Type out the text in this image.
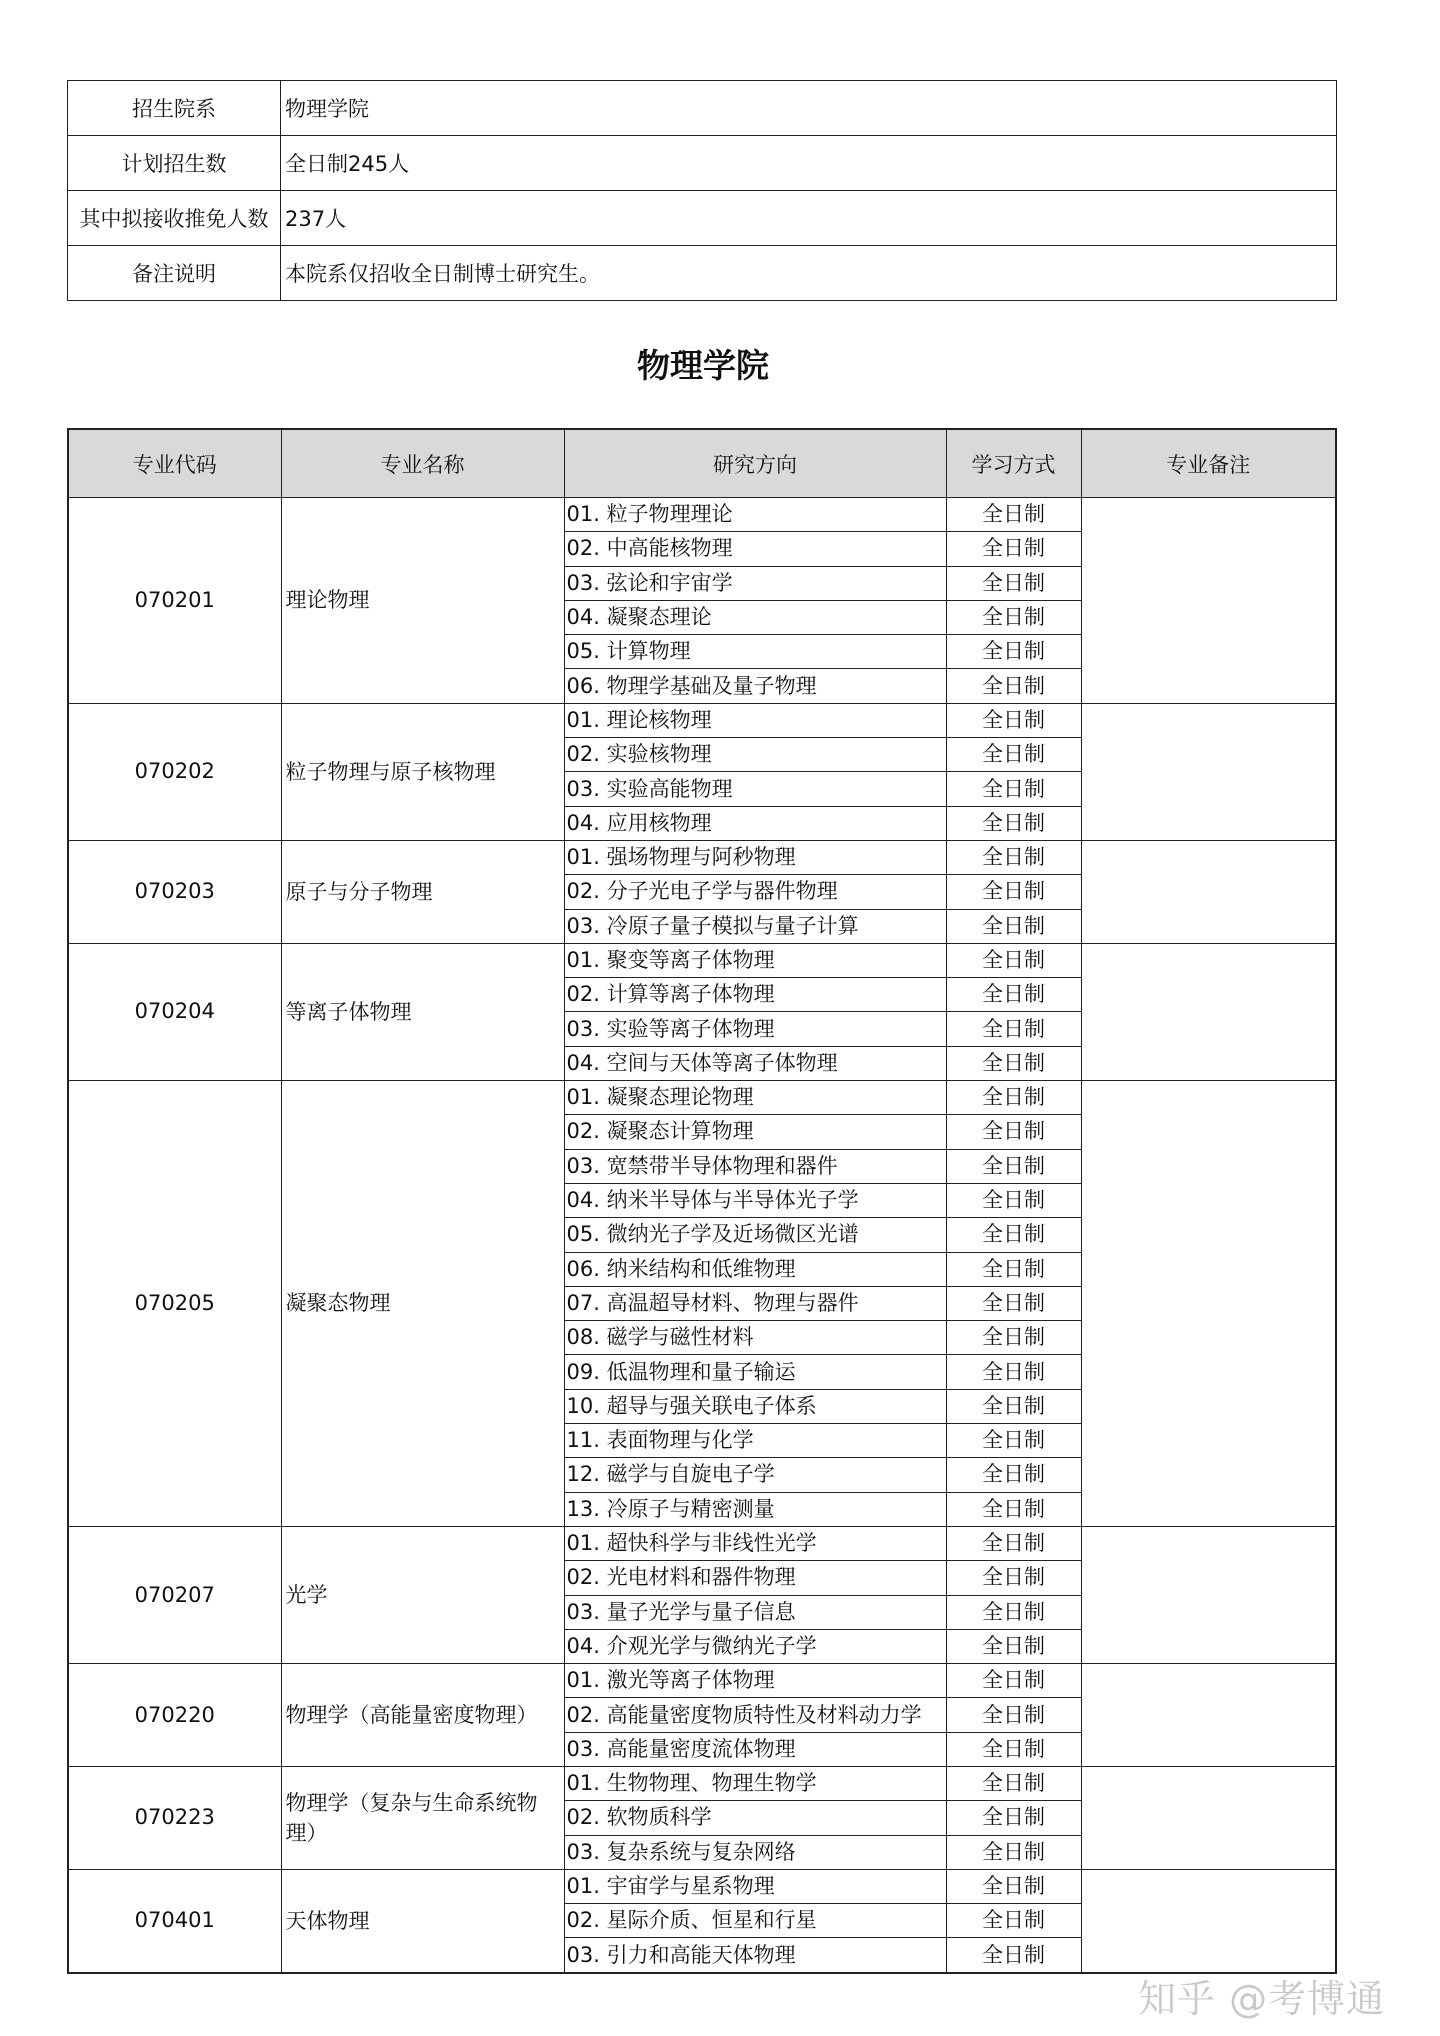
招生院系	物理学院
计划招生数	全日制245人
其中拟接收推免人数	237人
备注说明	本院系仅招收全日制博士研究生。
物理学院
专业代码	专业名称	研究方向	学习方式	专业备注
070201	理论物理	01. 粒子物理理论	全日制	
		02. 中高能核物理	全日制	
		03. 弦论和宇宙学	全日制	
		04. 凝聚态理论	全日制	
		05. 计算物理	全日制	
		06. 物理学基础及量子物理	全日制	
070202	粒子物理与原子核物理	01. 理论核物理	全日制	
		02. 实验核物理	全日制	
		03. 实验高能物理	全日制	
		04. 应用核物理	全日制	
070203	原子与分子物理	01. 强场物理与阿秒物理	全日制	
		02. 分子光电子学与器件物理	全日制	
		03. 冷原子量子模拟与量子计算	全日制	
070204	等离子体物理	01. 聚变等离子体物理	全日制	
		02. 计算等离子体物理	全日制	
		03. 实验等离子体物理	全日制	
		04. 空间与天体等离子体物理	全日制	
070205	凝聚态物理	01. 凝聚态理论物理	全日制	
		02. 凝聚态计算物理	全日制	
		03. 宽禁带半导体物理和器件	全日制	
		04. 纳米半导体与半导体光子学	全日制	
		05. 微纳光子学及近场微区光谱	全日制	
		06. 纳米结构和低维物理	全日制	
		07. 高温超导材料、物理与器件	全日制	
		08. 磁学与磁性材料	全日制	
		09. 低温物理和量子输运	全日制	
		10. 超导与强关联电子体系	全日制	
		11. 表面物理与化学	全日制	
		12. 磁学与自旋电子学	全日制	
		13. 冷原子与精密测量	全日制	
070207	光学	01. 超快科学与非线性光学	全日制	
		02. 光电材料和器件物理	全日制	
		03. 量子光学与量子信息	全日制	
		04. 介观光学与微纳光子学	全日制	
070220	物理学（高能量密度物理）	01. 激光等离子体物理	全日制	
		02. 高能量密度物质特性及材料动力学	全日制	
		03. 高能量密度流体物理	全日制	
070223	物理学（复杂与生命系统物理）	01. 生物物理、物理生物学	全日制	
		02. 软物质科学	全日制	
		03. 复杂系统与复杂网络	全日制	
070401	天体物理	01. 宇宙学与星系物理	全日制	
		02. 星际介质、恒星和行星	全日制	
		03. 引力和高能天体物理	全日制	
知乎 @考博通
